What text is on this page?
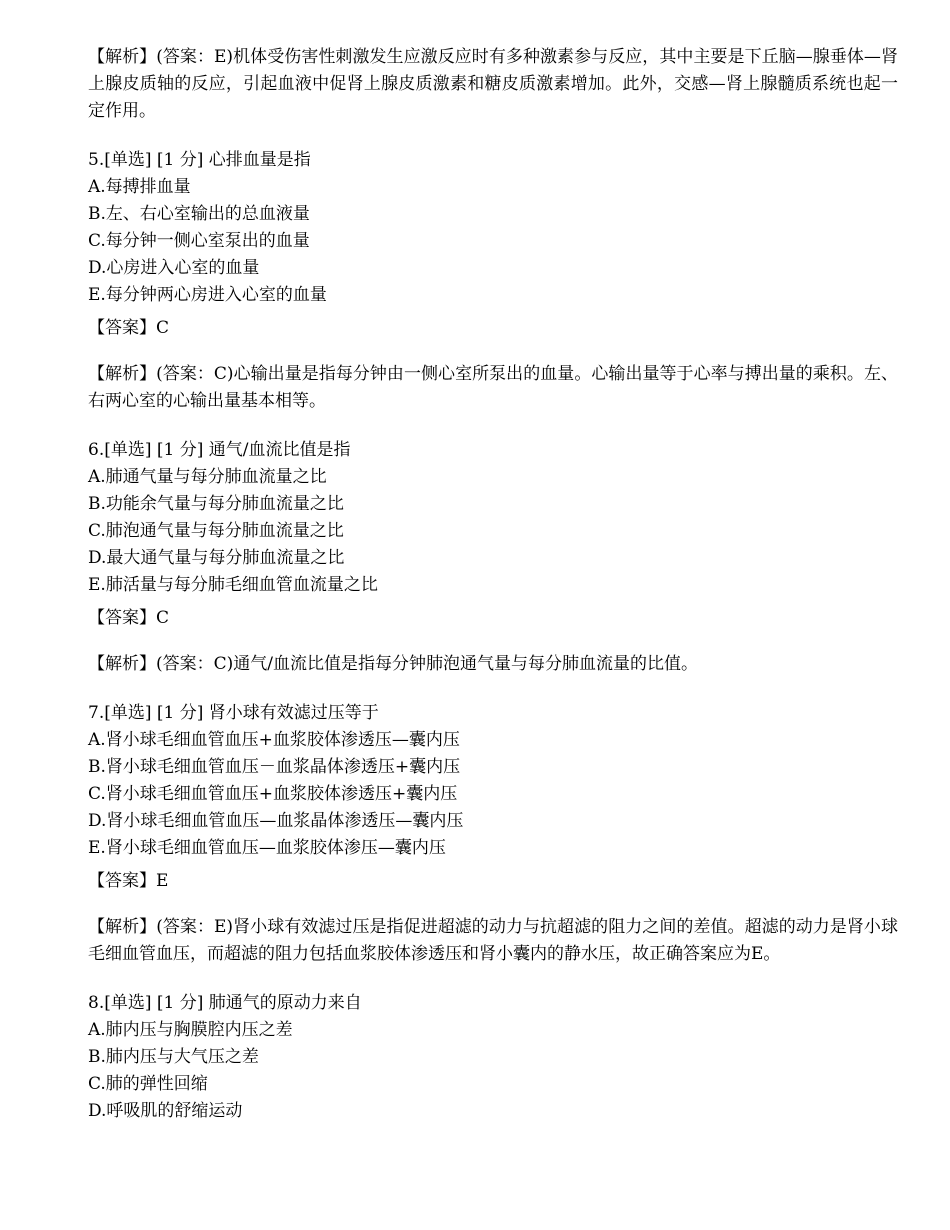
【解析】(答案：E)机体受伤害性刺激发生应激反应时有多种激素参与反应，其中主要是下丘脑—腺垂体—肾上腺皮质轴的反应，引起血液中促肾上腺皮质激素和糖皮质激素增加。此外，交感—肾上腺髓质系统也起一定作用。

5.[单选] [1 分] 心排血量是指

A.每搏排血量

B.左、右心室输出的总血液量

C.每分钟一侧心室泵出的血量

D.心房进入心室的血量

E.每分钟两心房进入心室的血量

【答案】C

【解析】(答案：C)心输出量是指每分钟由一侧心室所泵出的血量。心输出量等于心率与搏出量的乘积。左、右两心室的心输出量基本相等。

6.[单选] [1 分] 通气/血流比值是指

A.肺通气量与每分肺血流量之比

B.功能余气量与每分肺血流量之比

C.肺泡通气量与每分肺血流量之比

D.最大通气量与每分肺血流量之比

E.肺活量与每分肺毛细血管血流量之比

【答案】C

【解析】(答案：C)通气/血流比值是指每分钟肺泡通气量与每分肺血流量的比值。

7.[单选] [1 分] 肾小球有效滤过压等于

A.肾小球毛细血管血压+血浆胶体渗透压—囊内压

B.肾小球毛细血管血压－血浆晶体渗透压+囊内压

C.肾小球毛细血管血压+血浆胶体渗透压+囊内压

D.肾小球毛细血管血压—血浆晶体渗透压—囊内压

E.肾小球毛细血管血压—血浆胶体渗压—囊内压

【答案】E

【解析】(答案：E)肾小球有效滤过压是指促进超滤的动力与抗超滤的阻力之间的差值。超滤的动力是肾小球毛细血管血压，而超滤的阻力包括血浆胶体渗透压和肾小囊内的静水压，故正确答案应为E。

8.[单选] [1 分] 肺通气的原动力来自

A.肺内压与胸膜腔内压之差

B.肺内压与大气压之差

C.肺的弹性回缩

D.呼吸肌的舒缩运动
